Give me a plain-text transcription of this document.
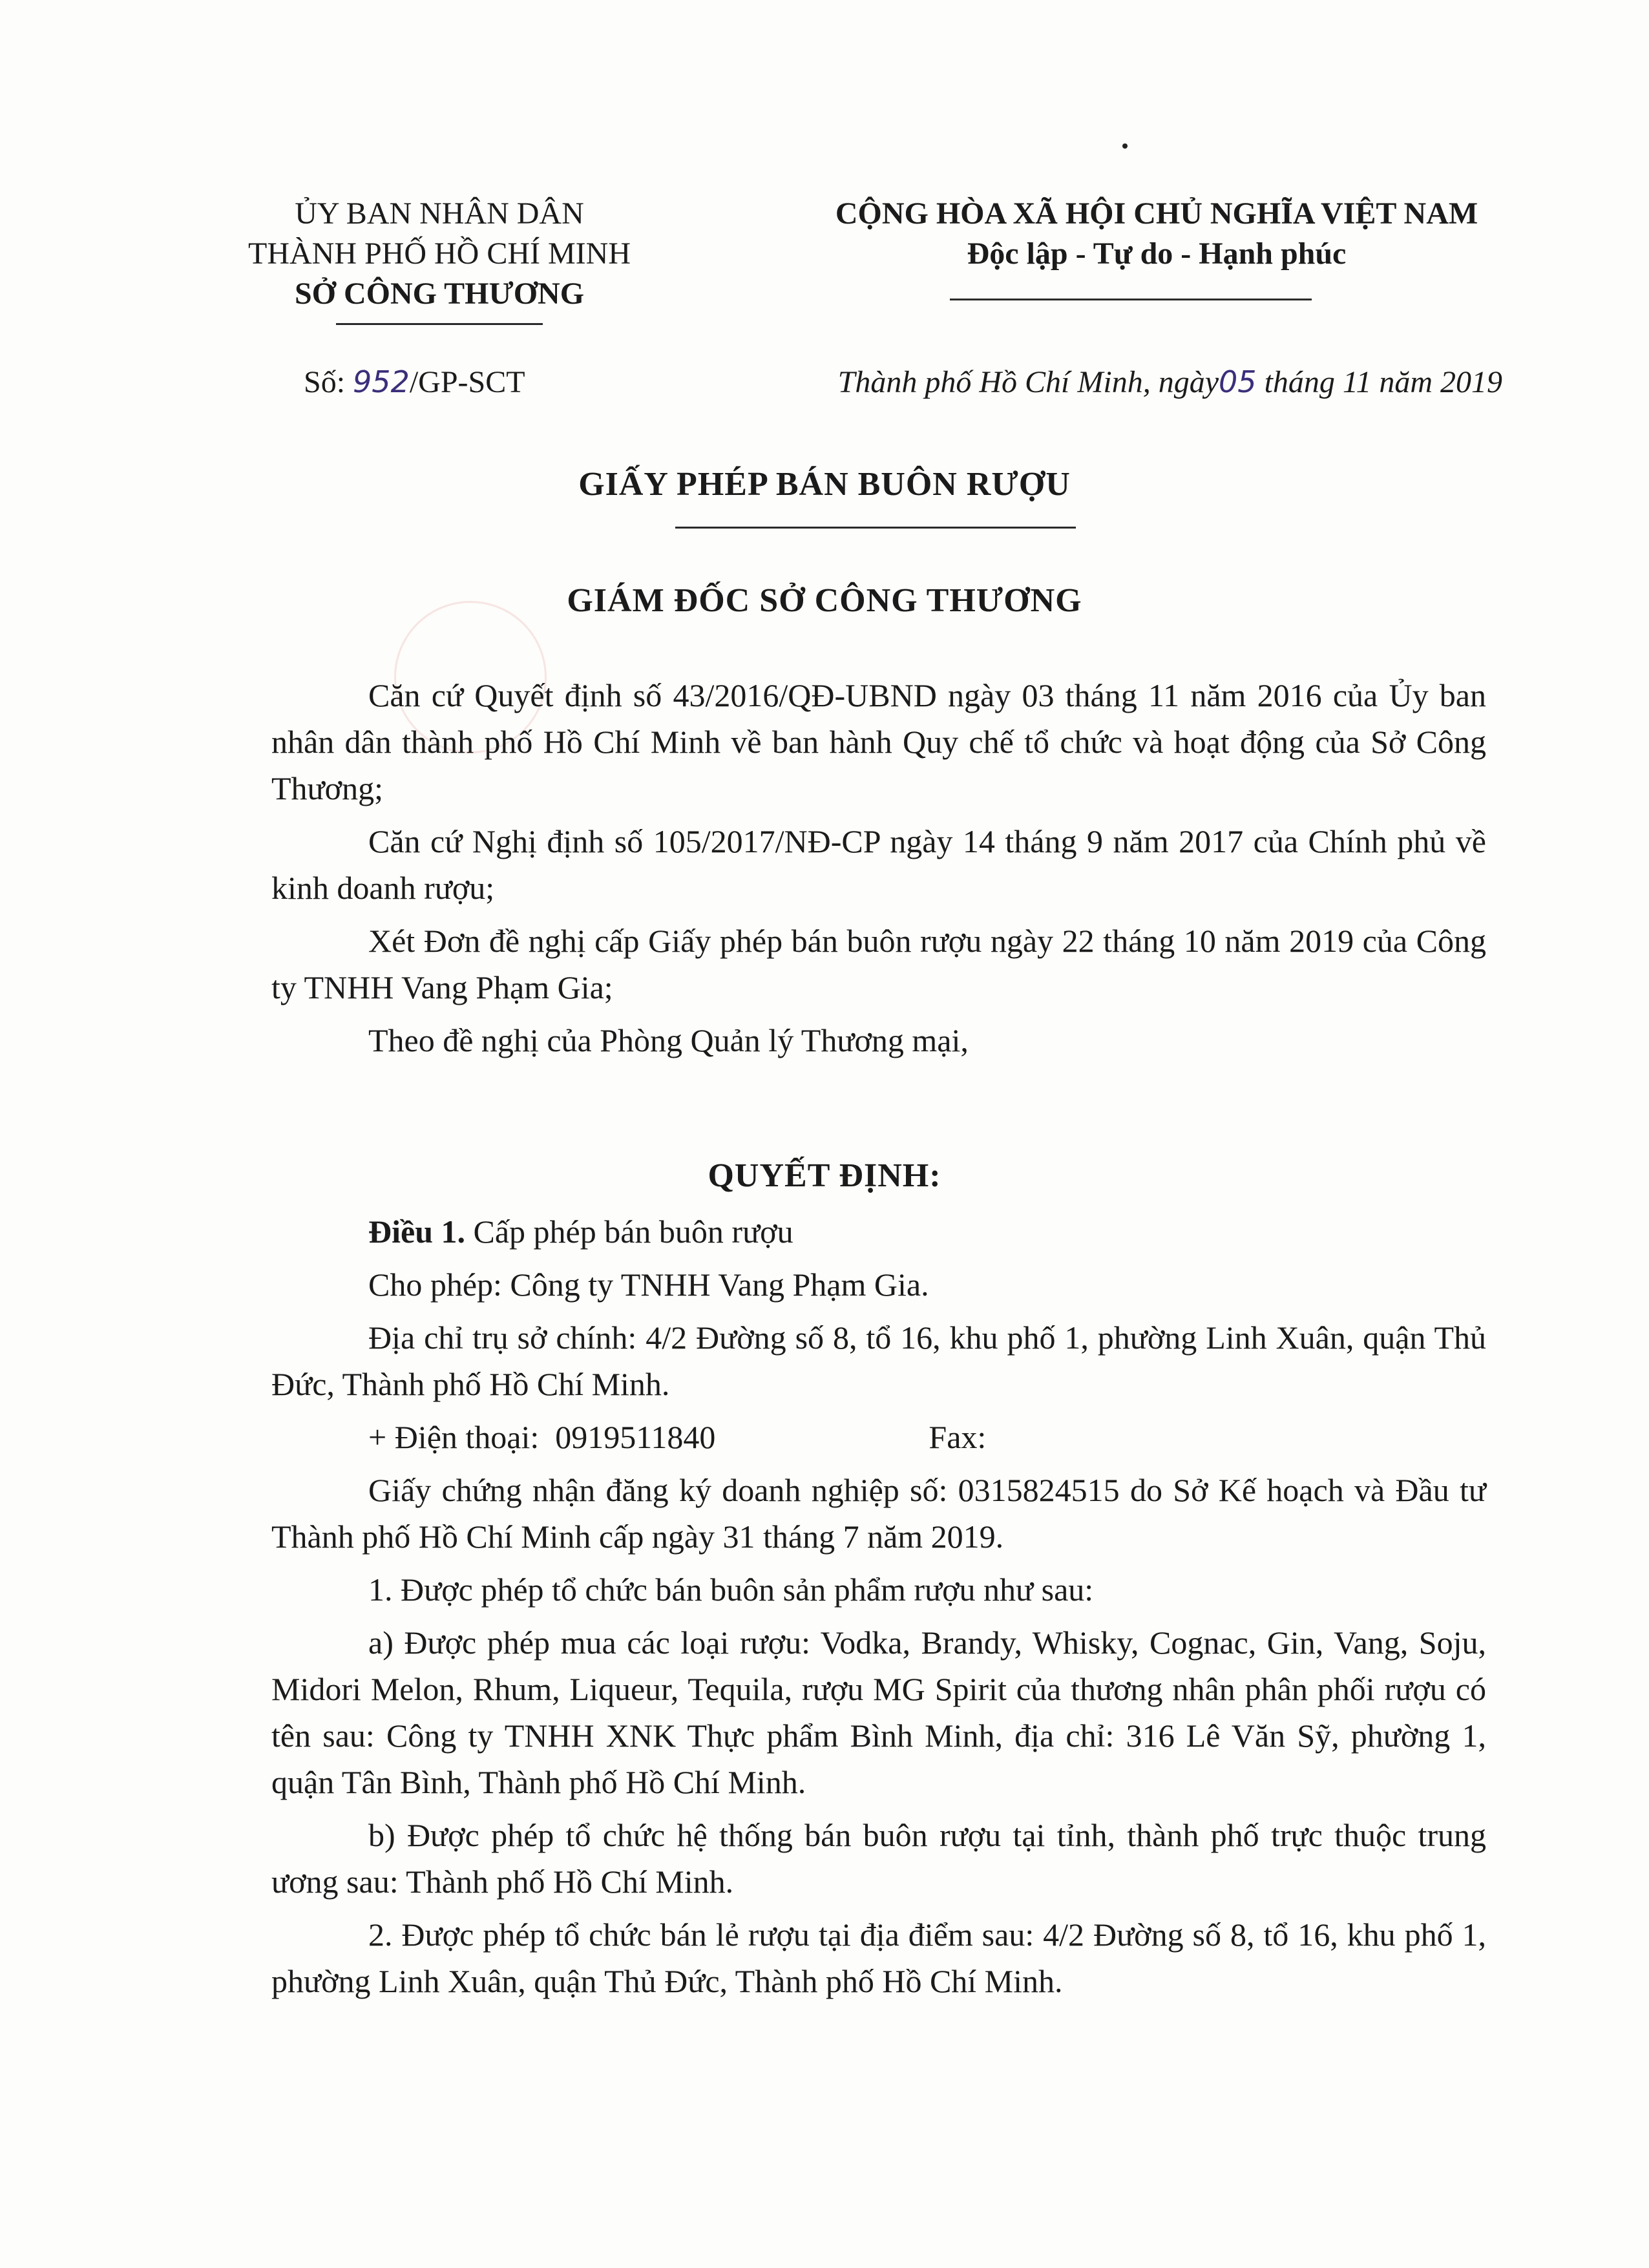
ỦY BAN NHÂN DÂN
THÀNH PHỐ HỒ CHÍ MINH
SỞ CÔNG THƯƠNG
CỘNG HÒA XÃ HỘI CHỦ NGHĨA VIỆT NAM
Độc lập - Tự do - Hạnh phúc
Số: 952/GP-SCT	Thành phố Hồ Chí Minh, ngày05 tháng 11 năm 2019
GIẤY PHÉP BÁN BUÔN RƯỢU
GIÁM ĐỐC SỞ CÔNG THƯƠNG

Căn cứ Quyết định số 43/2016/QĐ-UBND ngày 03 tháng 11 năm 2016 của Ủy ban nhân dân thành phố Hồ Chí Minh về ban hành Quy chế tổ chức và hoạt động của Sở Công Thương;

Căn cứ Nghị định số 105/2017/NĐ-CP ngày 14 tháng 9 năm 2017 của Chính phủ về kinh doanh rượu;

Xét Đơn đề nghị cấp Giấy phép bán buôn rượu ngày 22 tháng 10 năm 2019 của Công ty TNHH Vang Phạm Gia;

Theo đề nghị của Phòng Quản lý Thương mại,

QUYẾT ĐỊNH:

Điều 1. Cấp phép bán buôn rượu

Cho phép: Công ty TNHH Vang Phạm Gia.

Địa chỉ trụ sở chính: 4/2 Đường số 8, tổ 16, khu phố 1, phường Linh Xuân, quận Thủ Đức, Thành phố Hồ Chí Minh.

+ Điện thoại: 0919511840	Fax:

Giấy chứng nhận đăng ký doanh nghiệp số: 0315824515 do Sở Kế hoạch và Đầu tư Thành phố Hồ Chí Minh cấp ngày 31 tháng 7 năm 2019.

1. Được phép tổ chức bán buôn sản phẩm rượu như sau:

a) Được phép mua các loại rượu: Vodka, Brandy, Whisky, Cognac, Gin, Vang, Soju, Midori Melon, Rhum, Liqueur, Tequila, rượu MG Spirit của thương nhân phân phối rượu có tên sau: Công ty TNHH XNK Thực phẩm Bình Minh, địa chỉ: 316 Lê Văn Sỹ, phường 1, quận Tân Bình, Thành phố Hồ Chí Minh.

b) Được phép tổ chức hệ thống bán buôn rượu tại tỉnh, thành phố trực thuộc trung ương sau: Thành phố Hồ Chí Minh.

2. Được phép tổ chức bán lẻ rượu tại địa điểm sau: 4/2 Đường số 8, tổ 16, khu phố 1, phường Linh Xuân, quận Thủ Đức, Thành phố Hồ Chí Minh.
